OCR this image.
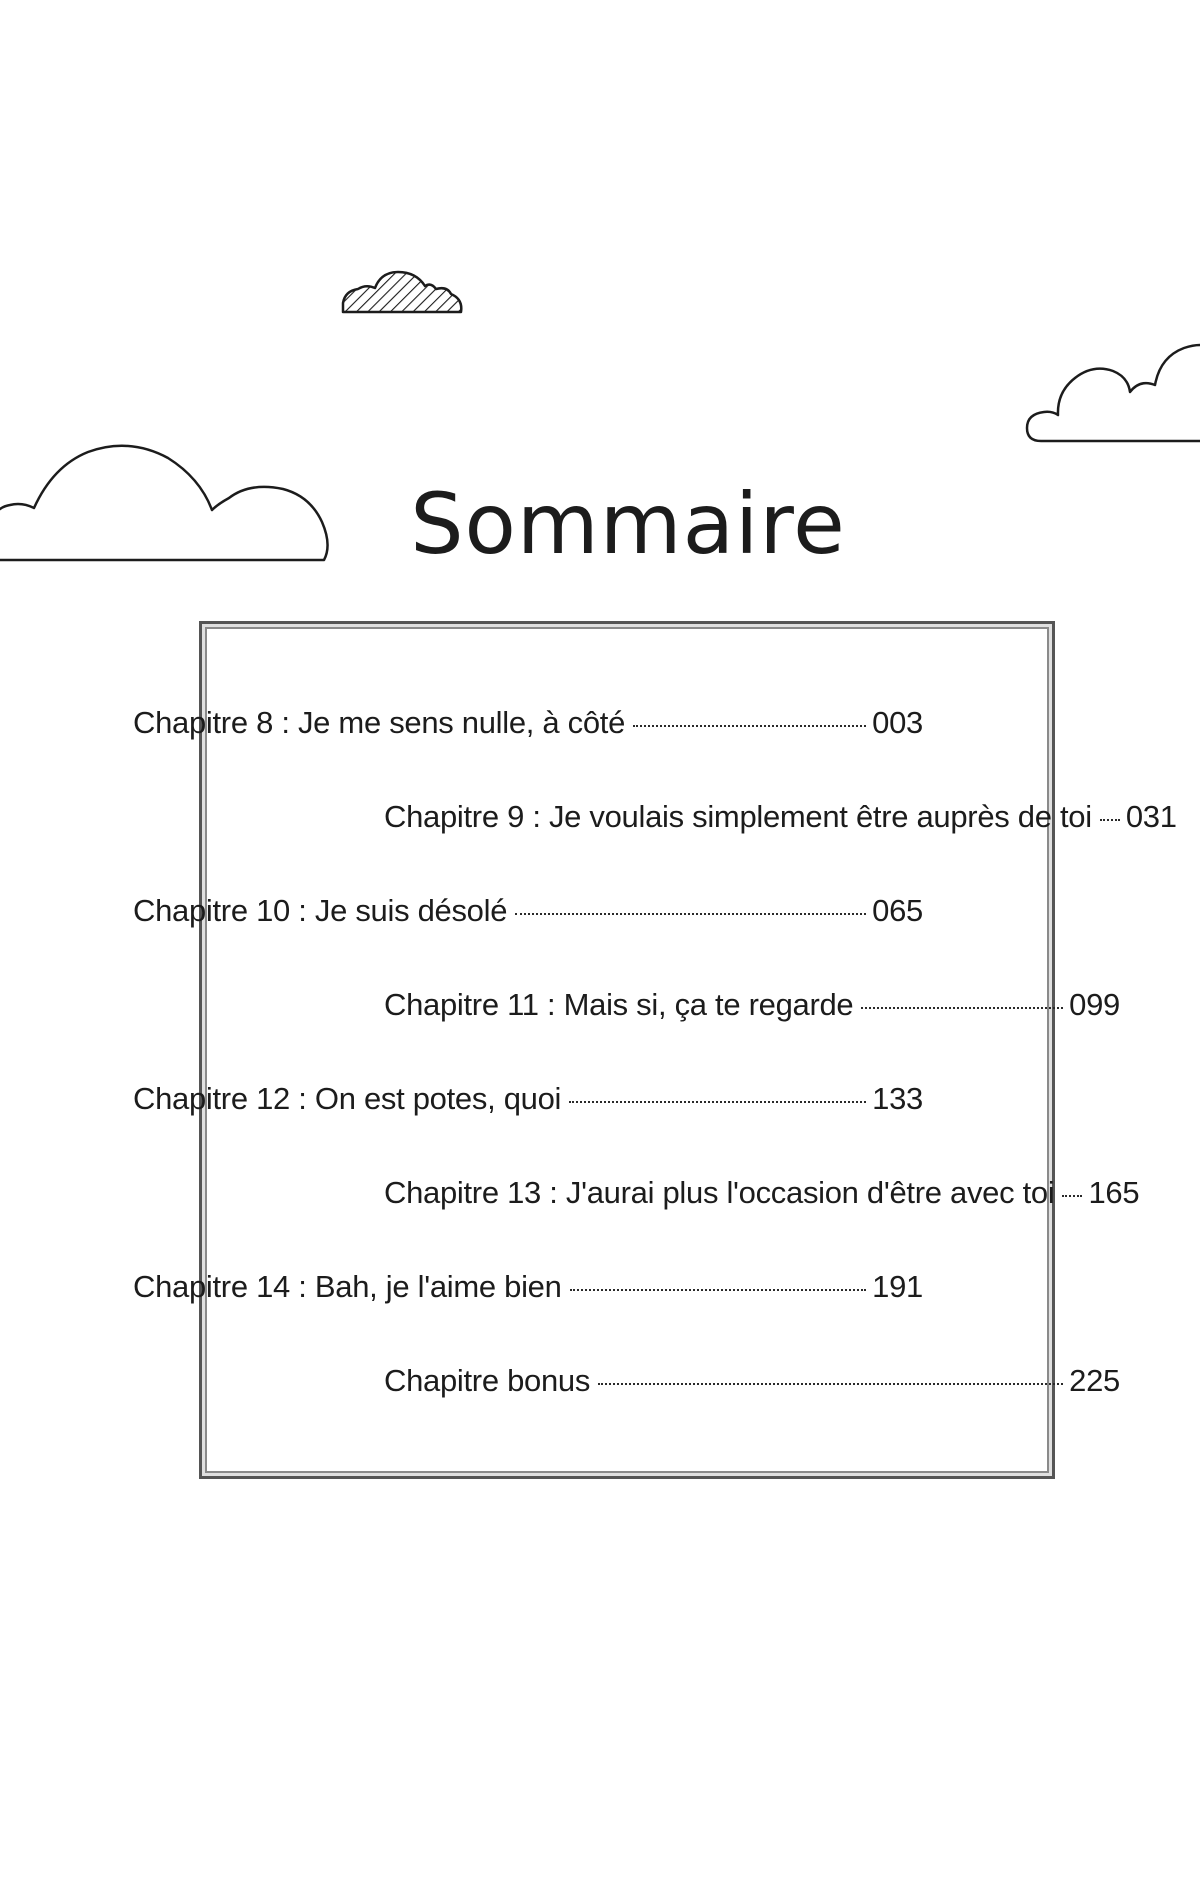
Sommaire
Chapitre 8 : Je me sens nulle, à côté	003
Chapitre 9 : Je voulais simplement être auprès de toi 031
Chapitre 10 : Je suis désolé	065
Chapitre 11 : Mais si, ça te regarde	099
Chapitre 12 : On est potes, quoi	133
Chapitre 13 : J'aurai plus l'occasion d'être avec toi 165
Chapitre 14 : Bah, je l'aime bien	191
Chapitre bonus	225
